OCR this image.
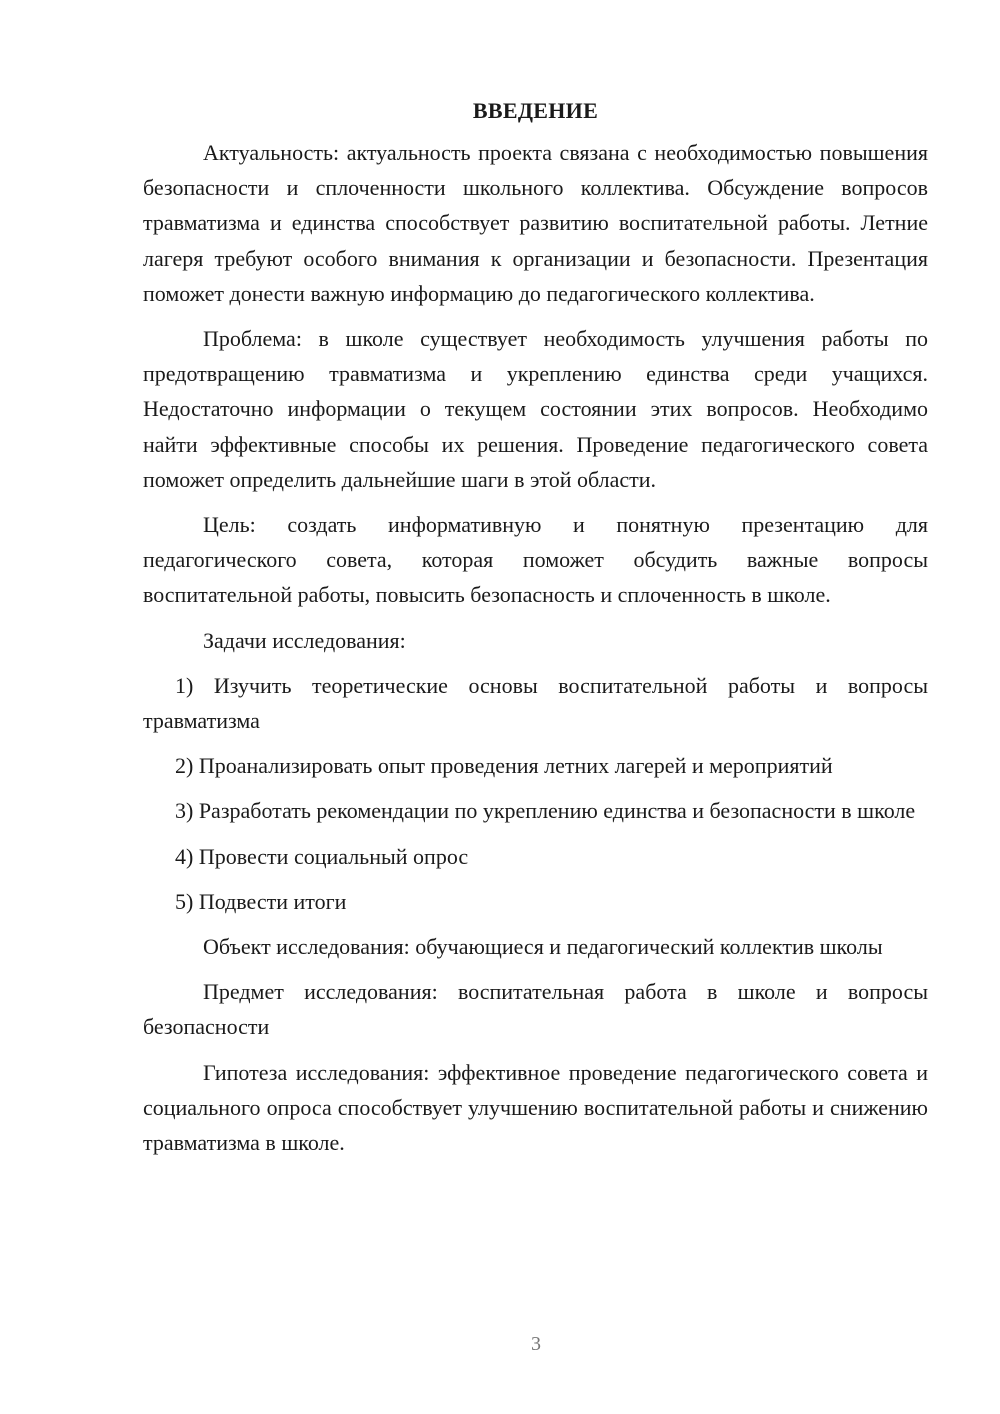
ВВЕДЕНИЕ

Актуальность: актуальность проекта связана с необходимостью повышения безопасности и сплоченности школьного коллектива. Обсуждение вопросов травматизма и единства способствует развитию воспитательной работы. Летние лагеря требуют особого внимания к организации и безопасности. Презентация поможет донести важную информацию до педагогического коллектива.

Проблема: в школе существует необходимость улучшения работы по предотвращению травматизма и укреплению единства среди учащихся. Недостаточно информации о текущем состоянии этих вопросов. Необходимо найти эффективные способы их решения. Проведение педагогического совета поможет определить дальнейшие шаги в этой области.

Цель: создать информативную и понятную презентацию для педагогического совета, которая поможет обсудить важные вопросы воспитательной работы, повысить безопасность и сплоченность в школе.

Задачи исследования:

1) Изучить теоретические основы воспитательной работы и вопросы травматизма

2) Проанализировать опыт проведения летних лагерей и мероприятий

3) Разработать рекомендации по укреплению единства и безопасности в школе

4) Провести социальный опрос

5) Подвести итоги

Объект исследования: обучающиеся и педагогический коллектив школы

Предмет исследования: воспитательная работа в школе и вопросы безопасности

Гипотеза исследования: эффективное проведение педагогического совета и социального опроса способствует улучшению воспитательной работы и снижению травматизма в школе.

3
